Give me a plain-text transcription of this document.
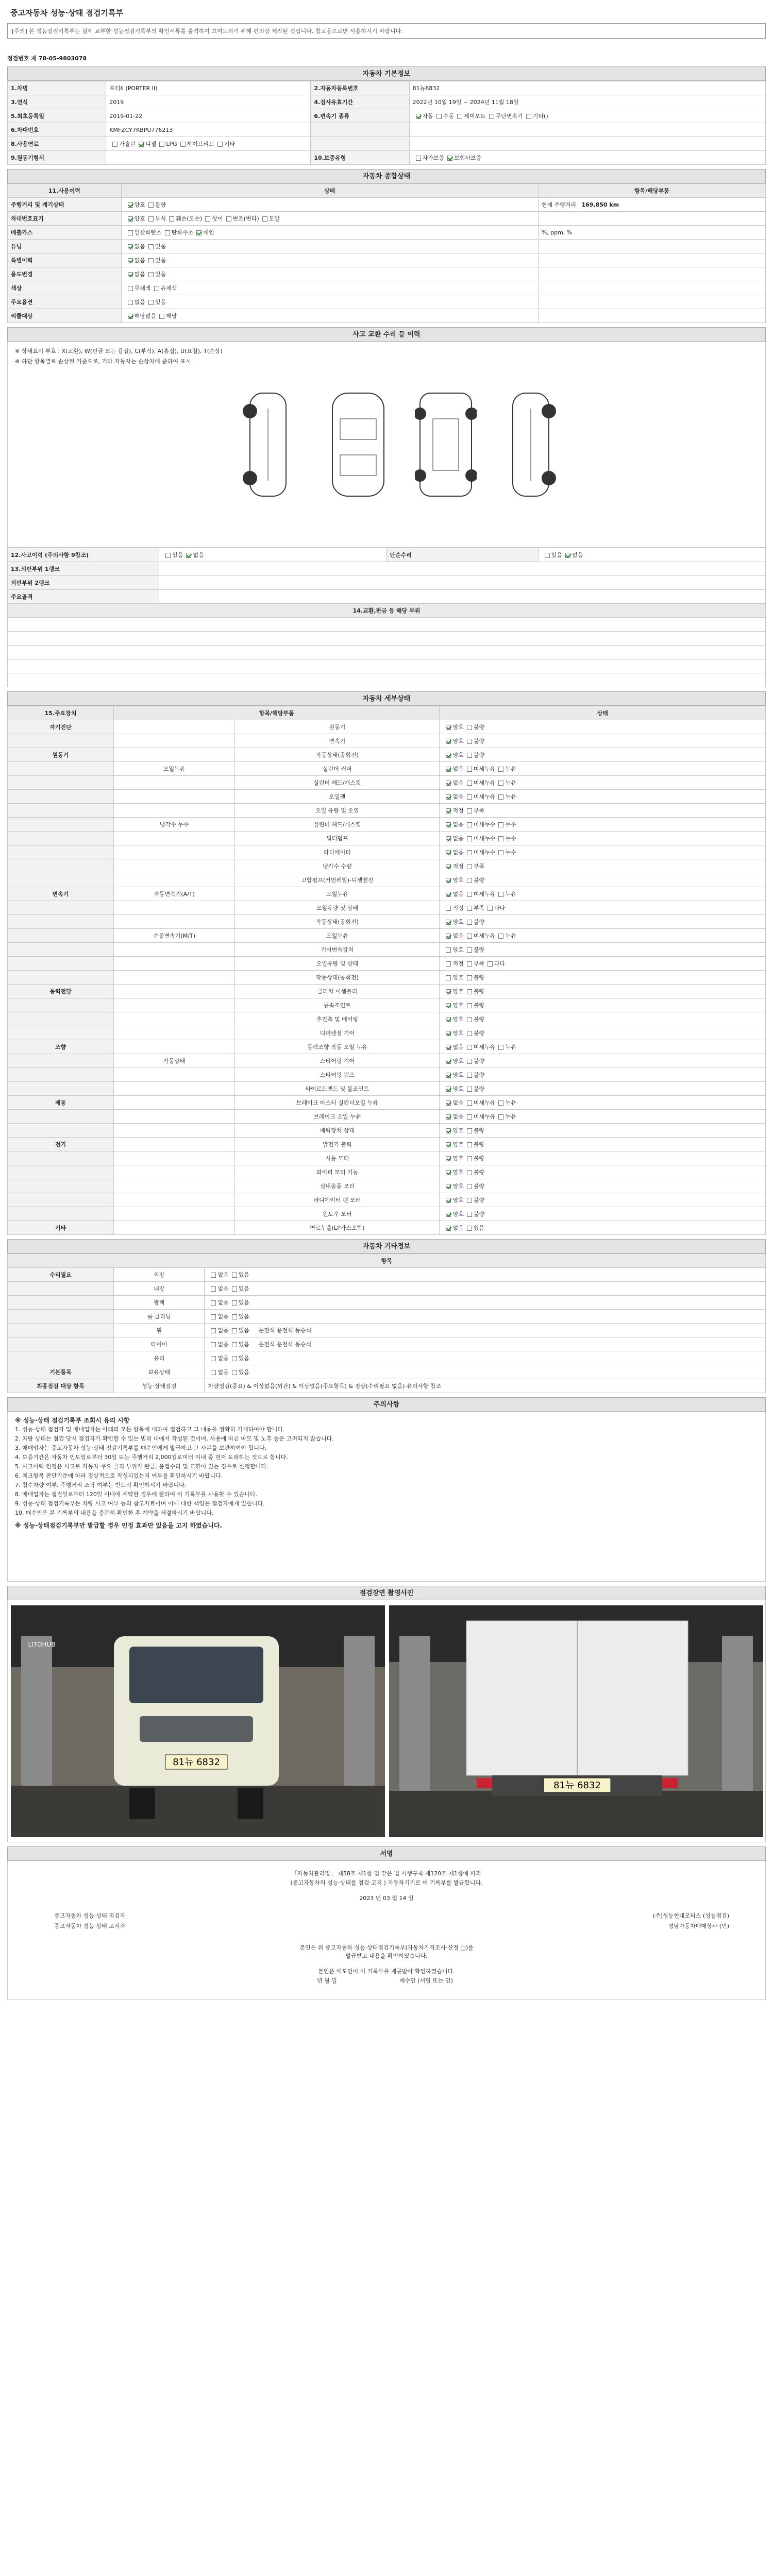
중고자동차 성능·상태 점검기록부
[주의] 본 성능점검기록부는 실제 교부한 성능점검기록부의 확인서류를 출력하여 보여드리기 위해 편의상 제작된 것입니다. 참고용으로만 사용하시기 바랍니다.
정검번호 제 78-05-9803078
자동차 기본정보
1.차명	포터II (PORTER II)	2.자동차등록번호	81뉴6832
3.연식	2019	4.검사유효기간	2022년 10월 19일 ~ 2024년 11월 18일
5.최초등록일	2019-01-22	6.변속기 종류	자동 수동 세미오토 무단변속기 기타()
6.차대번호	KMFZCY7KBPU776213		
8.사용연료	가솔린 디젤 LPG 하이브리드 기타		
9.원동기형식		10.보증유형	자가보증 보험사보증
자동차 종합상태
11.사용이력	상태	항목/해당부품
주행거리 및 계기상태	양호 불량	현재 주행거리 169,850 km
차대번호표기	양호 부식 훼손(오손) 상이 변조(변타) 도말	
배출가스	일산화탄소 탄화수소 매연	%, ppm, %
튜닝	없음 있음	
특별이력	없음 있음	
용도변경	없음 있음	
색상	무채색 유채색	
주요옵션	없음 있음	
리콜대상	해당없음 해당	
사고 교환 수리 등 이력
※ 상태표시 부호 : X(교환), W(판금 또는 용접), C(부식), A(흠집), U(요철), T(손상)
※ 하단 항목별로 손상된 기준으로, 기타 자동차는 손상처에 준하여 표시
12.사고이력 (주의사항 9참조)	있음 없음	단순수리	있음 없음
13.외판부위 1랭크			
외판부위 2랭크			
주요골격			
14.교환,판금 등 해당 부위			

자동차 세부상태
15.주요장치	항목/해당부품		상태
자기진단		원동기	양호 불량
		변속기	양호 불량
원동기		작동상태(공회전)	양호 불량
	오일누유	실린더 커버	없음 미세누유 누유
		실린더 헤드/개스킷	없음 미세누유 누유
		오일팬	없음 미세누유 누유
		오일 유량 및 오염	적정 부족
	냉각수 누수	실린더 헤드/개스킷	없음 미세누수 누수
		워터펌프	없음 미세누수 누수
		라디에이터	없음 미세누수 누수
		냉각수 수량	적정 부족
		고압펌프(커먼레일)-디젤엔진	양호 불량
변속기	자동변속기(A/T)	오일누유	없음 미세누유 누유
		오일유량 및 상태	적정 부족 과다
		작동상태(공회전)	양호 불량
	수동변속기(M/T)	오일누유	없음 미세누유 누유
		기어변속장치	양호 불량
		오일유량 및 상태	적정 부족 과다
		작동상태(공회전)	양호 불량
동력전달		클러치 어셈블리	양호 불량
		등속조인트	양호 불량
		추진축 및 베어링	양호 불량
		디퍼렌셜 기어	양호 불량
조향		동력조향 작동 오일 누유	없음 미세누유 누유
	작동상태	스티어링 기어	양호 불량
		스티어링 펌프	양호 불량
		타이로드엔드 및 볼조인트	양호 불량
제동		브레이크 마스터 실린더오일 누유	없음 미세누유 누유
		브레이크 오일 누유	없음 미세누유 누유
		배력장치 상태	양호 불량
전기		발전기 출력	양호 불량
		시동 모터	양호 불량
		와이퍼 모터 기능	양호 불량
		실내송풍 모터	양호 불량
		라디에이터 팬 모터	양호 불량
		윈도우 모터	양호 불량
기타		연료누출(LP가스포함)	없음 있음
자동차 기타정보
항목		
수리필요	외장	없음 있음
	내장	없음 있음
	광택	없음 있음
	룸 클리닝	없음 있음
	휠	없음 있음 운전석 운전석 동승석
	타이어	없음 있음 운전석 운전석 동승석
	유리	없음 있음
기본품목	보유상태	없음 있음
최종점검 대상 항목	성능·상태점검	차량점검(중요) & 이상없음(외관) & 이상없음(주요항목) & 정상(수리필요 없음) 유의사항 참조
주의사항
※ 성능·상태 점검기록부 조회시 유의 사항
1. 성능·상태 점검자 및 매매업자는 아래의 모든 항목에 대하여 점검하고 그 내용을 정확히 기재하여야 합니다.
2. 차량 상태는 점검 당시 점검자가 확인할 수 있는 범위 내에서 작성된 것이며, 사용에 따른 마모 및 노후 등은 고려되지 않습니다.
3. 매매업자는 중고자동차 성능·상태 점검기록부를 매수인에게 발급하고 그 사본을 보관하여야 합니다.
4. 보증기간은 자동차 인도일로부터 30일 또는 주행거리 2,000킬로미터 이내 중 먼저 도래하는 것으로 합니다.
5. 사고이력 인정은 사고로 자동차 주요 골격 부위가 판금, 용접수리 및 교환이 있는 경우로 한정합니다.
6. 체크항목 판단기준에 따라 정상적으로 작성되었는지 여부를 확인하시기 바랍니다.
7. 침수차량 여부, 주행거리 조작 여부는 반드시 확인하시기 바랍니다.
8. 매매업자는 점검일로부터 120일 이내에 계약한 경우에 한하여 이 기록부를 사용할 수 있습니다.
9. 성능·상태 점검기록부는 차량 사고 여부 등의 참고자료이며 이에 대한 책임은 점검자에게 있습니다.
10. 매수인은 본 기록부의 내용을 충분히 확인한 후 계약을 체결하시기 바랍니다.
※ 성능·상태점검기록부만 발급할 경우 인정 효과만 있음을 고지 하였습니다.
점검장면 촬영사진
81뉴 6832
LITOHUB
81뉴 6832
서명
「자동차관리법」 제58조 제1항 및 같은 법 시행규칙 제120조 제1항에 따라
(중고자동차의 성능·상태를 점검·고지 ) 자동차기기로 이 기록부를 발급합니다.
2023 년 03 월 14 일
중고자동차 성능·상태 점검자	(주)성능현대모터스 (성능점검)
중고자동차 성능·상태 고지자	성남자동차매매상사 (인)
본인은 위 중고자동차 성능·상태점검기록부(자동차가격조사·산정 □)를
발급받고 내용을 확인하였습니다.
본인은 매도인이 이 기록부를 제공받아 확인하였습니다.
년 월 일	매수인 (서명 또는 인)
